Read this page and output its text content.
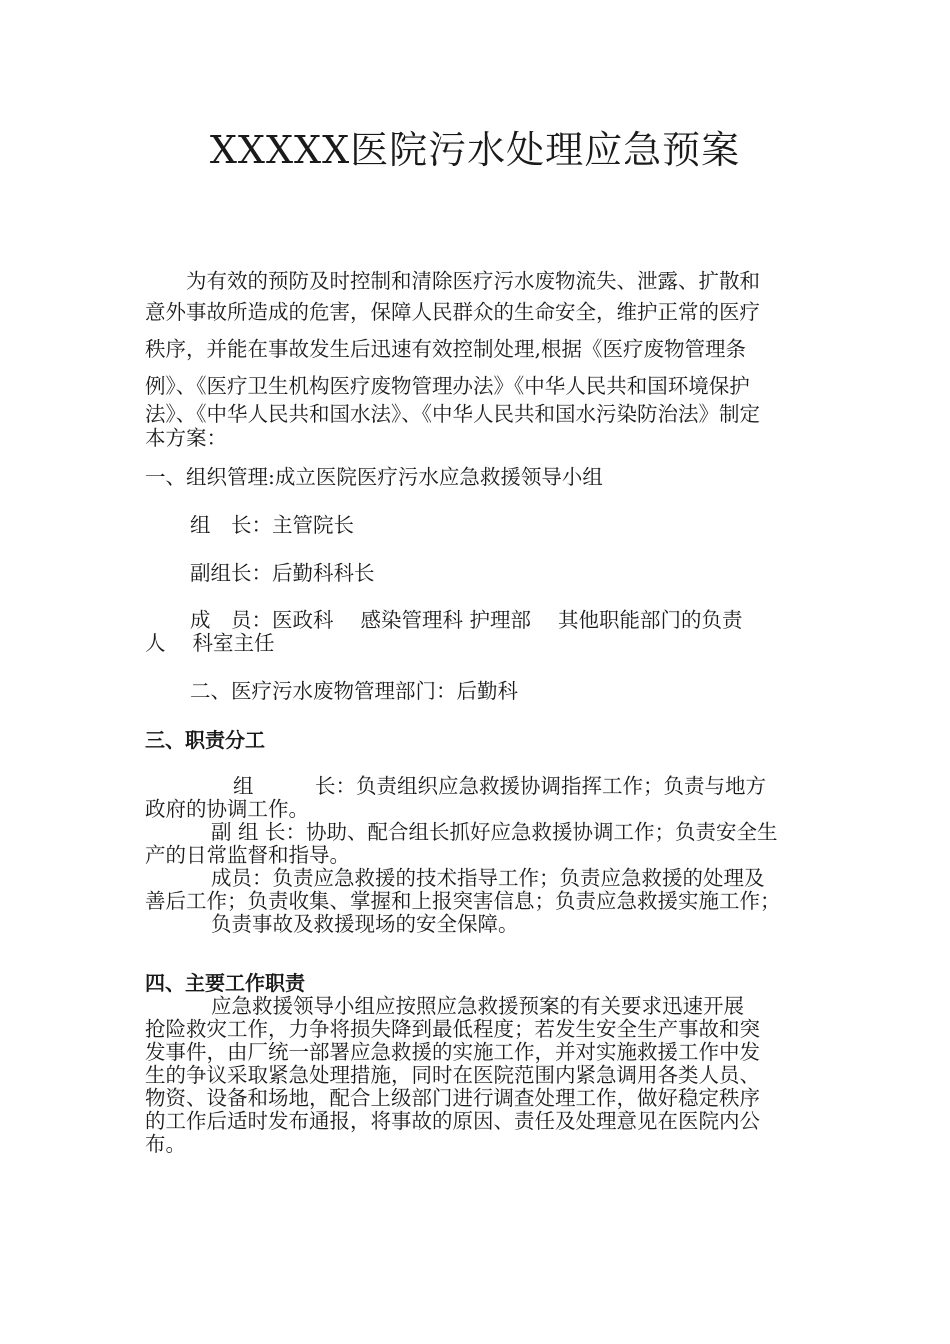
XXXXX医院污水处理应急预案
　　为有效的预防及时控制和清除医疗污水废物流失、泄露、扩散和
意外事故所造成的危害，保障人民群众的生命安全，维护正常的医疗
秩序，并能在事故发生后迅速有效控制处理,根据《医疗废物管理条
例》、《医疗卫生机构医疗废物管理办法》《中华人民共和国环境保护
法》、《中华人民共和国水法》、《中华人民共和国水污染防治法》制定
本方案：
一、组织管理:成立医院医疗污水应急救援领导小组
组　长：主管院长
副组长：后勤科科长
成　员：医政科　 感染管理科 护理部　 其他职能部门的负责
人　 科室主任
二、医疗污水废物管理部门：后勤科
三、职责分工
组　　　长：负责组织应急救援协调指挥工作；负责与地方
政府的协调工作。
副 组 长：协助、配合组长抓好应急救援协调工作；负责安全生
产的日常监督和指导。
成员：负责应急救援的技术指导工作；负责应急救援的处理及
善后工作；负责收集、掌握和上报突害信息；负责应急救援实施工作；
负责事故及救援现场的安全保障。
四、主要工作职责
应急救援领导小组应按照应急救援预案的有关要求迅速开展
抢险救灾工作，力争将损失降到最低程度；若发生安全生产事故和突
发事件，由厂统一部署应急救援的实施工作，并对实施救援工作中发
生的争议采取紧急处理措施，同时在医院范围内紧急调用各类人员、
物资、设备和场地，配合上级部门进行调查处理工作，做好稳定秩序
的工作后适时发布通报，将事故的原因、责任及处理意见在医院内公
布。
